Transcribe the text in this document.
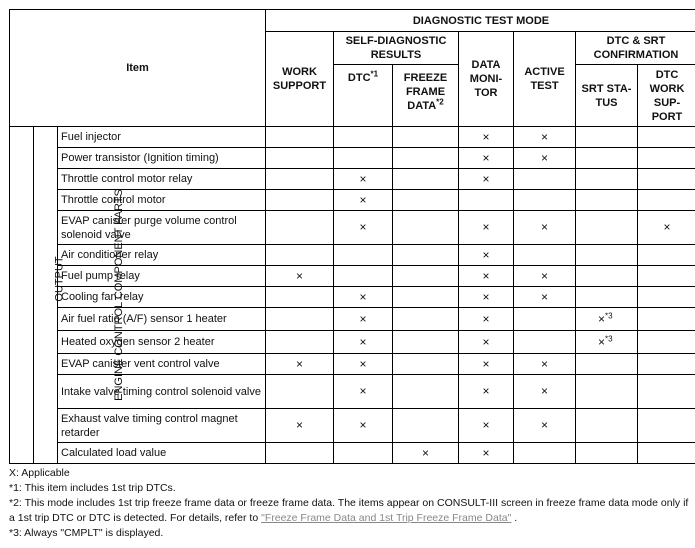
Item			DIAGNOSTIC TEST MODE						
			WORK SUPPORT	SELF-DIAGNOSTIC RESULTS		DATA MONI- TOR	ACTIVE TEST	DTC & SRT CONFIRMATION	
				DTC$^{*1}$	FREEZE FRAME DATA$^{*2}$			SRT STA- TUS	DTC WORK SUP- PORT
ENGINE CONTROL COMPONENT PARTS	OUTPUT	Fuel injector				×	×		
		Power transistor (Ignition timing)				×	×		
		Throttle control motor relay		×		×			
		Throttle control motor		×					
		EVAP canister purge volume control solenoid valve		×		×	×		×
		Air conditioner relay				×			
		Fuel pump relay	×			×	×		
		Cooling fan relay		×		×	×		
		Air fuel ratio (A/F) sensor 1 heater		×		×		×$^{*3}$	
		Heated oxygen sensor 2 heater		×		×		×$^{*3}$	
		EVAP canister vent control valve	×	×		×	×		
		Intake valve timing control solenoid valve		×		×	×		
		Exhaust valve timing control magnet retarder	×	×		×	×		
		Calculated load value			×	×			

X: Applicable

*1: This item includes 1st trip DTCs.

*2: This mode includes 1st trip freeze frame data or freeze frame data. The items appear on CONSULT-III screen in freeze frame data mode only if a 1st trip DTC or DTC is detected. For details, refer to "Freeze Frame Data and 1st Trip Freeze Frame Data" .

*3: Always "CMPLT" is displayed.
